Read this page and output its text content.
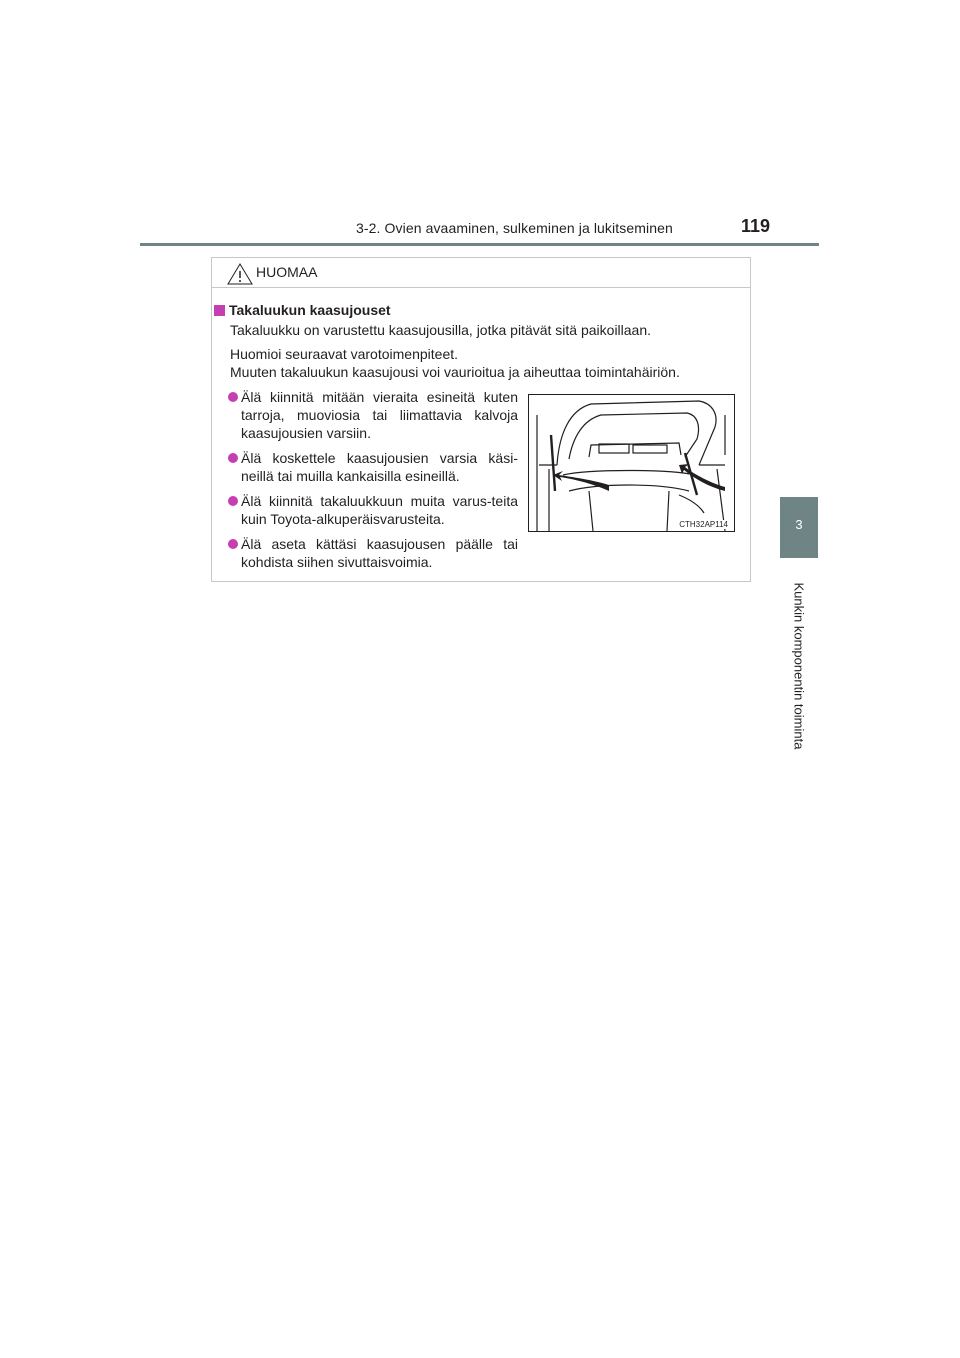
3-2. Ovien avaaminen, sulkeminen ja lukitseminen	119
3
Kunkin komponentin toiminta
HUOMAA
Takaluukun kaasujouset
Takaluukku on varustettu kaasujousilla, jotka pitävät sitä paikoillaan.
Huomioi seuraavat varotoimenpiteet.
Muuten takaluukun kaasujousi voi vaurioitua ja aiheuttaa toimintahäiriön.
Älä kiinnitä mitään vieraita esineitä kuten tarroja, muoviosia tai liimattavia kalvoja kaasujousien varsiin.
Älä koskettele kaasujousien varsia käsi-neillä tai muilla kankaisilla esineillä.
Älä kiinnitä takaluukkuun muita varus-teita kuin Toyota-alkuperäisvarusteita.
Älä aseta kättäsi kaasujousen päälle tai kohdista siihen sivuttaisvoimia.
CTH32AP114
